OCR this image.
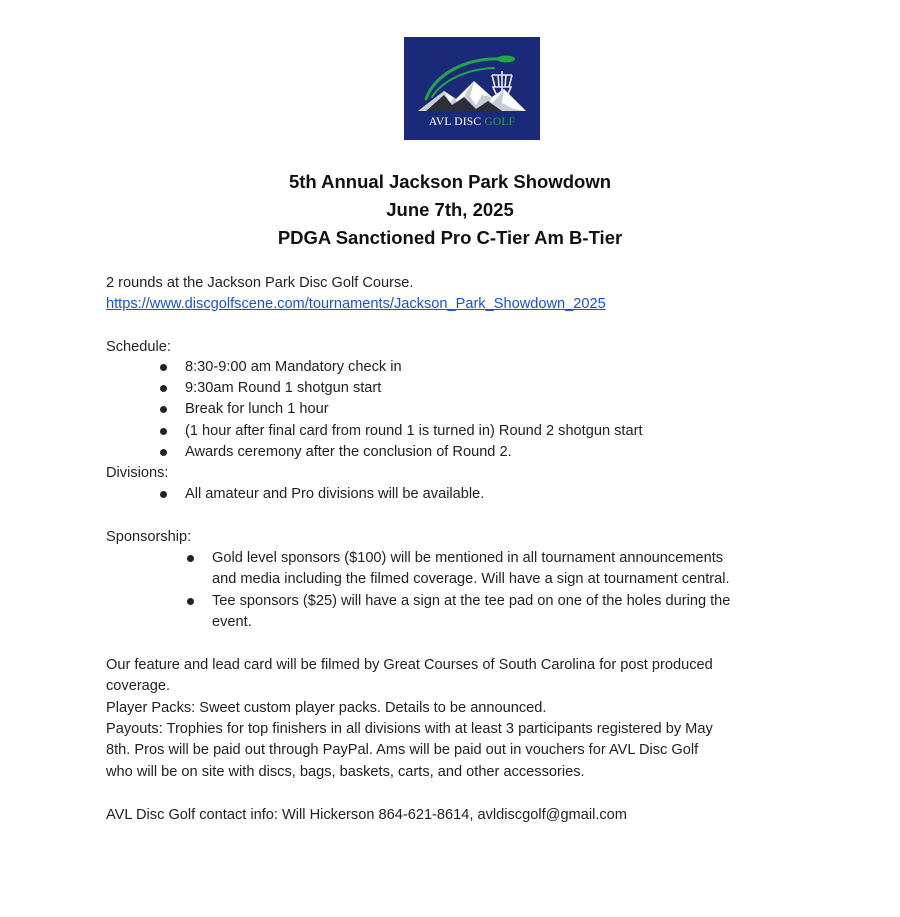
AVL DISC GOLF
5th Annual Jackson Park Showdown
June 7th, 2025
PDGA Sanctioned Pro C-Tier Am B-Tier
2 rounds at the Jackson Park Disc Golf Course.
https://www.discgolfscene.com/tournaments/Jackson_Park_Showdown_2025
Schedule:
8:30-9:00 am Mandatory check in
9:30am Round 1 shotgun start
Break for lunch 1 hour
(1 hour after final card from round 1 is turned in) Round 2 shotgun start
Awards ceremony after the conclusion of Round 2.
Divisions:
All amateur and Pro divisions will be available.
Sponsorship:
Gold level sponsors ($100) will be mentioned in all tournament announcements
and media including the filmed coverage. Will have a sign at tournament central.
Tee sponsors ($25) will have a sign at the tee pad on one of the holes during the
event.
Our feature and lead card will be filmed by Great Courses of South Carolina for post produced
coverage.
Player Packs: Sweet custom player packs. Details to be announced.
Payouts: Trophies for top finishers in all divisions with at least 3 participants registered by May
8th. Pros will be paid out through PayPal. Ams will be paid out in vouchers for AVL Disc Golf
who will be on site with discs, bags, baskets, carts, and other accessories.
AVL Disc Golf contact info: Will Hickerson 864-621-8614, avldiscgolf@gmail.com
